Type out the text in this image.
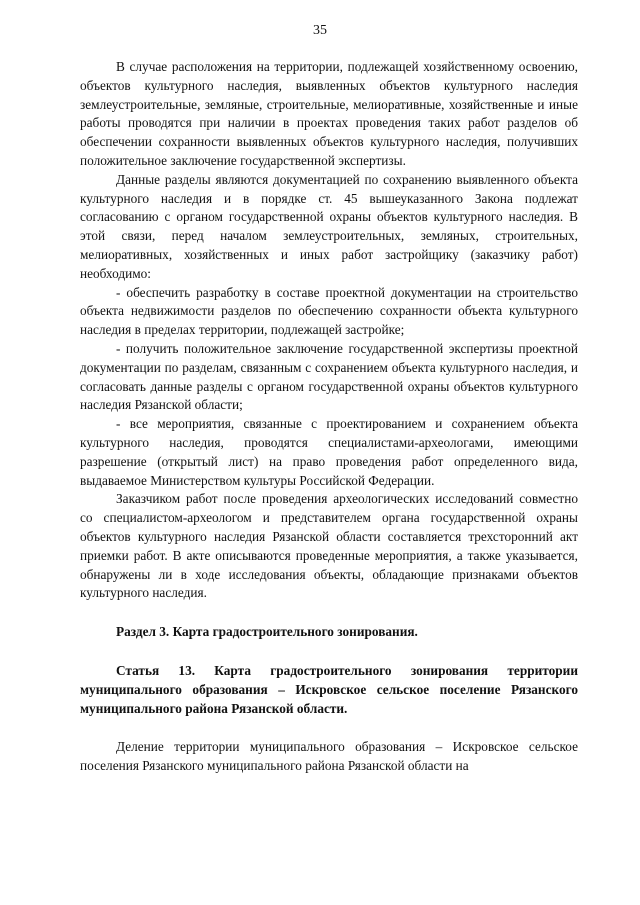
35

В случае расположения на территории, подлежащей хозяйственному освоению, объектов культурного наследия, выявленных объектов культурного наследия землеустроительные, земляные, строительные, мелиоративные, хозяйственные и иные работы проводятся при наличии в проектах проведения таких работ разделов об обеспечении сохранности выявленных объектов культурного наследия, получивших положительное заключение государственной экспертизы.

Данные разделы являются документацией по сохранению выявленного объекта культурного наследия и в порядке ст. 45 вышеуказанного Закона подлежат согласованию с органом государственной охраны объектов культурного наследия. В этой связи, перед началом землеустроительных, земляных, строительных, мелиоративных, хозяйственных и иных работ застройщику (заказчику работ) необходимо:

- обеспечить разработку в составе проектной документации на строительство объекта недвижимости разделов по обеспечению сохранности объекта культурного наследия в пределах территории, подлежащей застройке;

- получить положительное заключение государственной экспертизы проектной документации по разделам, связанным с сохранением объекта культурного наследия, и согласовать данные разделы с органом государственной охраны объектов культурного наследия Рязанской области;

- все мероприятия, связанные с проектированием и сохранением объекта культурного наследия, проводятся специалистами-археологами, имеющими разрешение (открытый лист) на право проведения работ определенного вида, выдаваемое Министерством культуры Российской Федерации.

Заказчиком работ после проведения археологических исследований совместно со специалистом-археологом и представителем органа государственной охраны объектов культурного наследия Рязанской области составляется трехсторонний акт приемки работ. В акте описываются проведенные мероприятия, а также указывается, обнаружены ли в ходе исследования объекты, обладающие признаками объектов культурного наследия.

Раздел 3. Карта градостроительного зонирования.

Статья 13. Карта градостроительного зонирования территории муниципального образования – Искровское сельское поселение Рязанского муниципального района Рязанской области.

Деление территории муниципального образования – Искровское сельское поселения Рязанского муниципального района Рязанской области на
